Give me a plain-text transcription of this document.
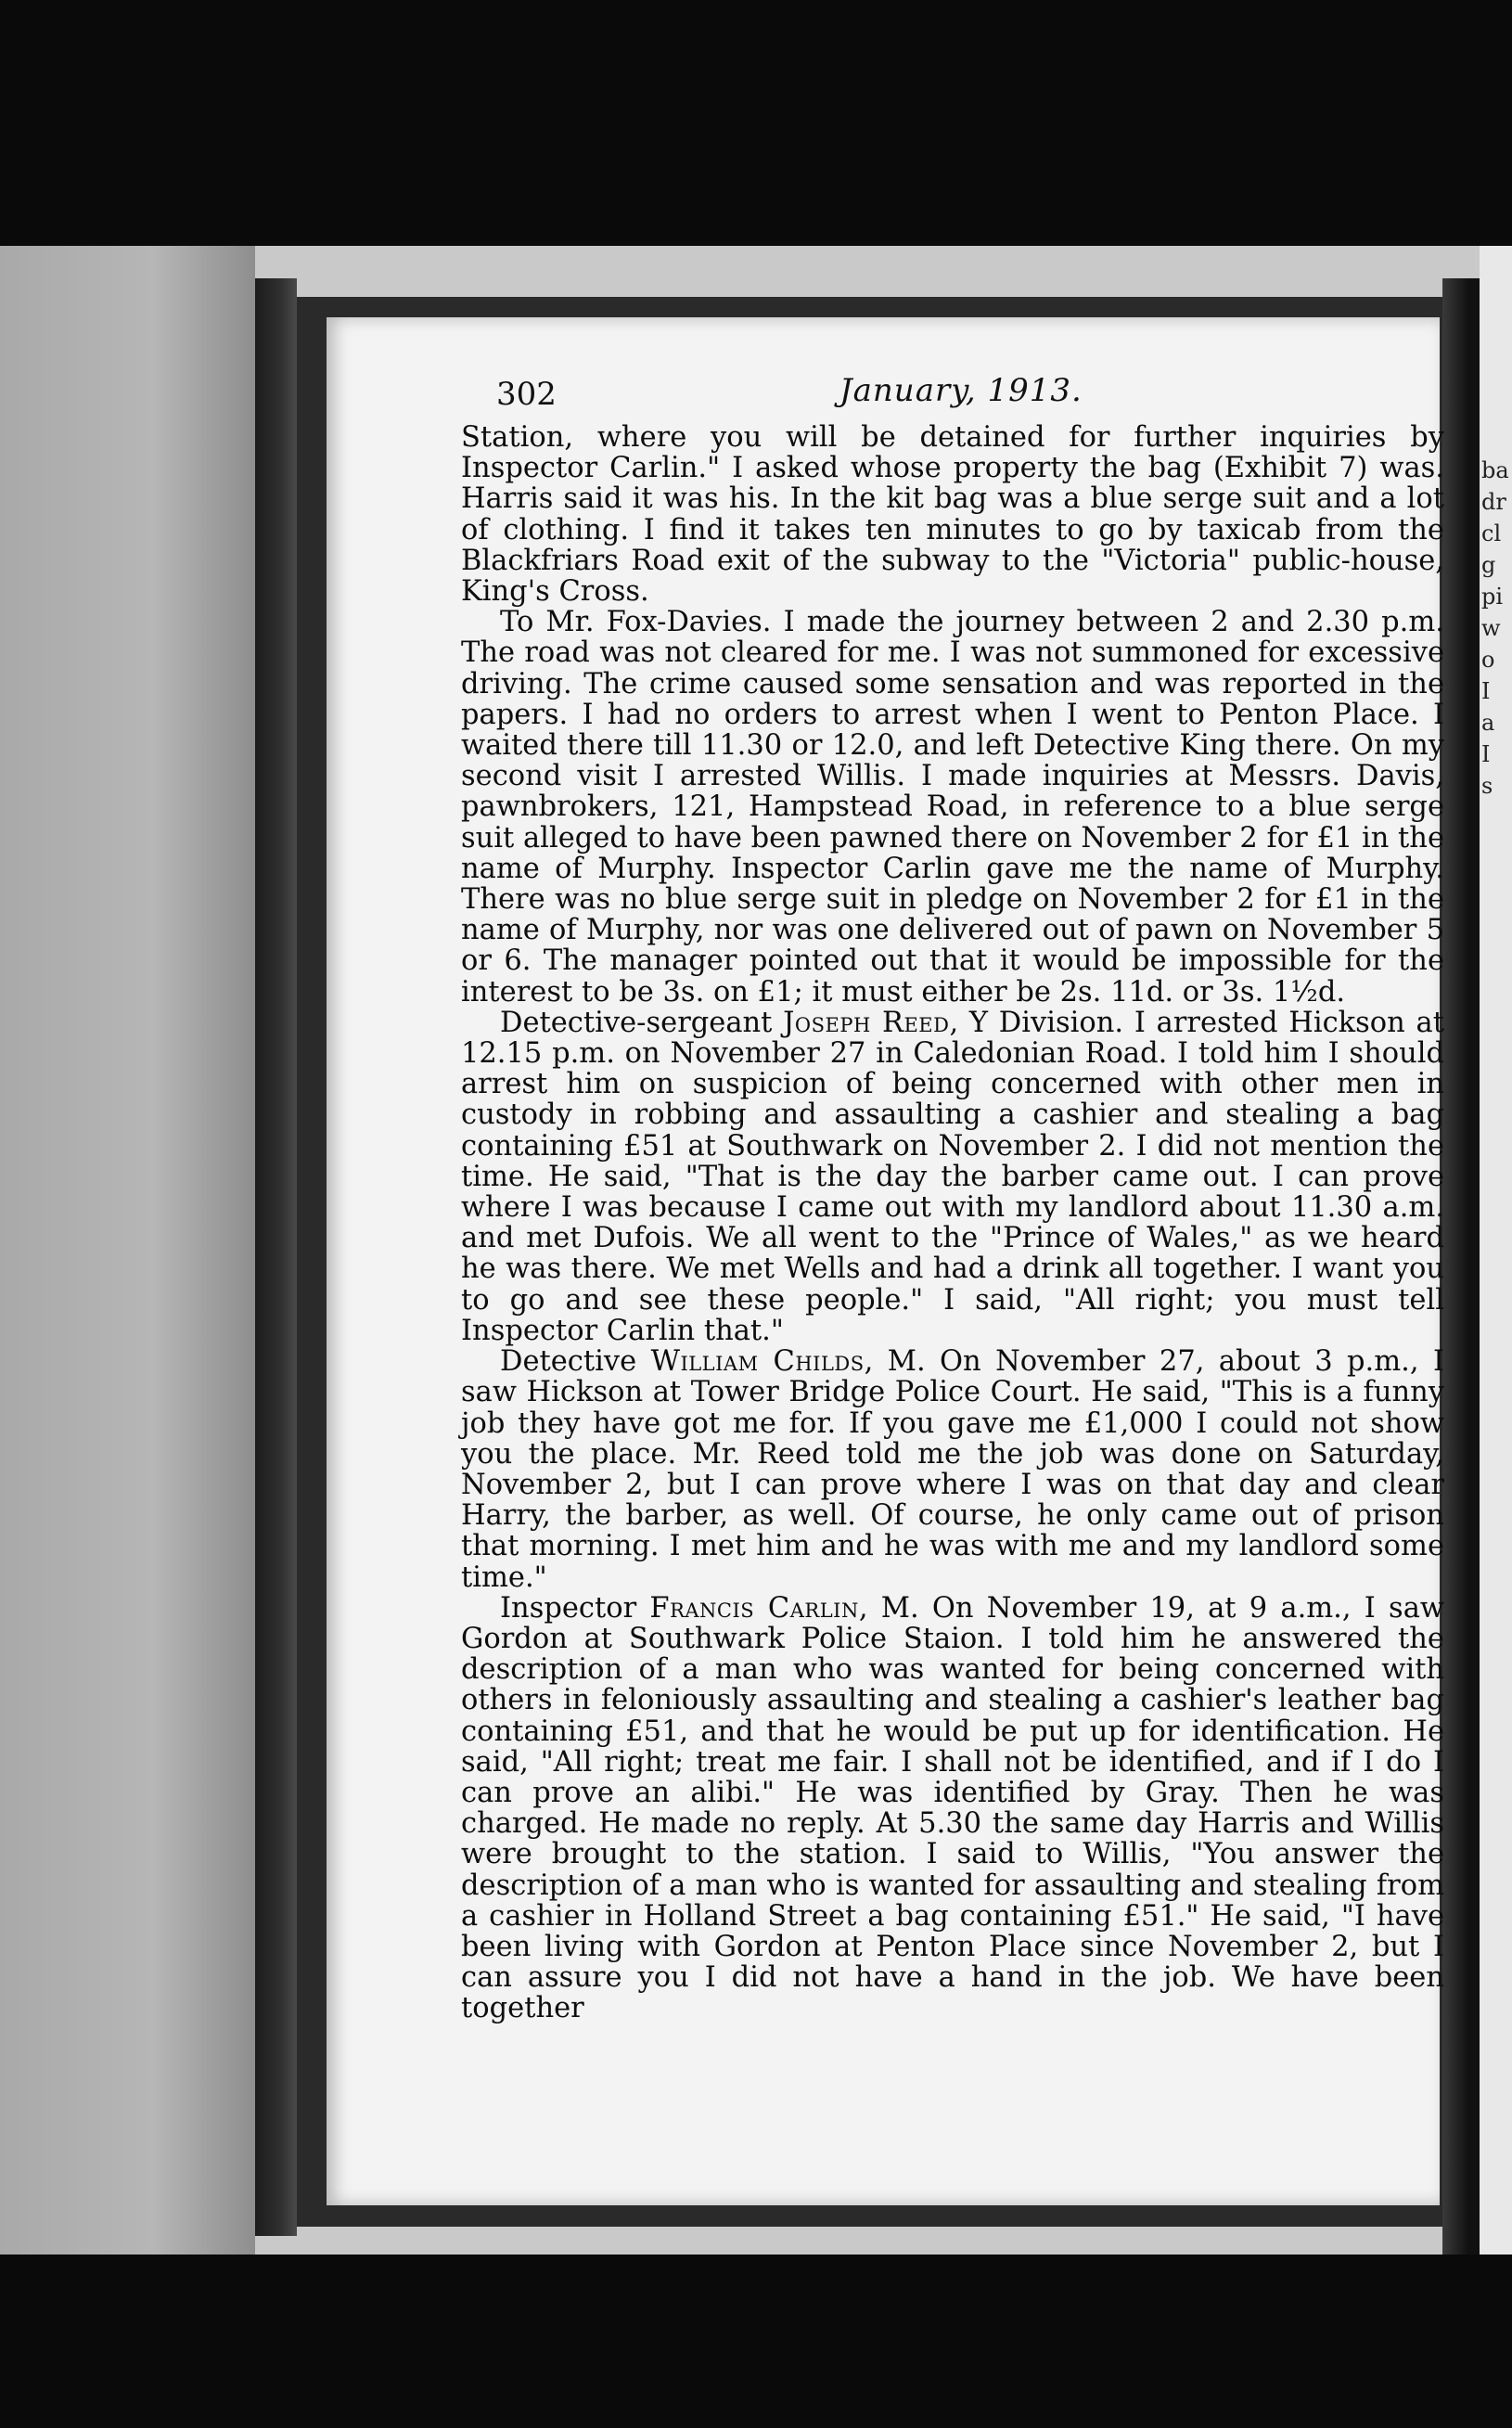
302	January, 1913.

Station, where you will be detained for further inquiries by Inspector Carlin." I asked whose property the bag (Exhibit 7) was. Harris said it was his. In the kit bag was a blue serge suit and a lot of clothing. I find it takes ten minutes to go by taxicab from the Blackfriars Road exit of the subway to the "Victoria" public-house, King's Cross.

To Mr. Fox-Davies. I made the journey between 2 and 2.30 p.m. The road was not cleared for me. I was not summoned for excessive driving. The crime caused some sensation and was reported in the papers. I had no orders to arrest when I went to Penton Place. I waited there till 11.30 or 12.0, and left Detective King there. On my second visit I arrested Willis. I made inquiries at Messrs. Davis, pawnbrokers, 121, Hampstead Road, in reference to a blue serge suit alleged to have been pawned there on November 2 for £1 in the name of Murphy. Inspector Carlin gave me the name of Murphy. There was no blue serge suit in pledge on November 2 for £1 in the name of Murphy, nor was one delivered out of pawn on November 5 or 6. The manager pointed out that it would be impossible for the interest to be 3s. on £1; it must either be 2s. 11d. or 3s. 1½d.

Detective-sergeant Joseph Reed, Y Division. I arrested Hickson at 12.15 p.m. on November 27 in Caledonian Road. I told him I should arrest him on suspicion of being concerned with other men in custody in robbing and assaulting a cashier and stealing a bag containing £51 at Southwark on November 2. I did not mention the time. He said, "That is the day the barber came out. I can prove where I was because I came out with my landlord about 11.30 a.m. and met Dufois. We all went to the "Prince of Wales," as we heard he was there. We met Wells and had a drink all together. I want you to go and see these people." I said, "All right; you must tell Inspector Carlin that."

Detective William Childs, M. On November 27, about 3 p.m., I saw Hickson at Tower Bridge Police Court. He said, "This is a funny job they have got me for. If you gave me £1,000 I could not show you the place. Mr. Reed told me the job was done on Saturday, November 2, but I can prove where I was on that day and clear Harry, the barber, as well. Of course, he only came out of prison that morning. I met him and he was with me and my landlord some time."

Inspector Francis Carlin, M. On November 19, at 9 a.m., I saw Gordon at Southwark Police Staion. I told him he answered the description of a man who was wanted for being concerned with others in feloniously assaulting and stealing a cashier's leather bag containing £51, and that he would be put up for identification. He said, "All right; treat me fair. I shall not be identified, and if I do I can prove an alibi." He was identified by Gray. Then he was charged. He made no reply. At 5.30 the same day Harris and Willis were brought to the station. I said to Willis, "You answer the description of a man who is wanted for assaulting and stealing from a cashier in Holland Street a bag containing £51." He said, "I have been living with Gordon at Penton Place since November 2, but I can assure you I did not have a hand in the job. We have been together

ba
dr
cl
g
pi
w
o
I
a
I
s
